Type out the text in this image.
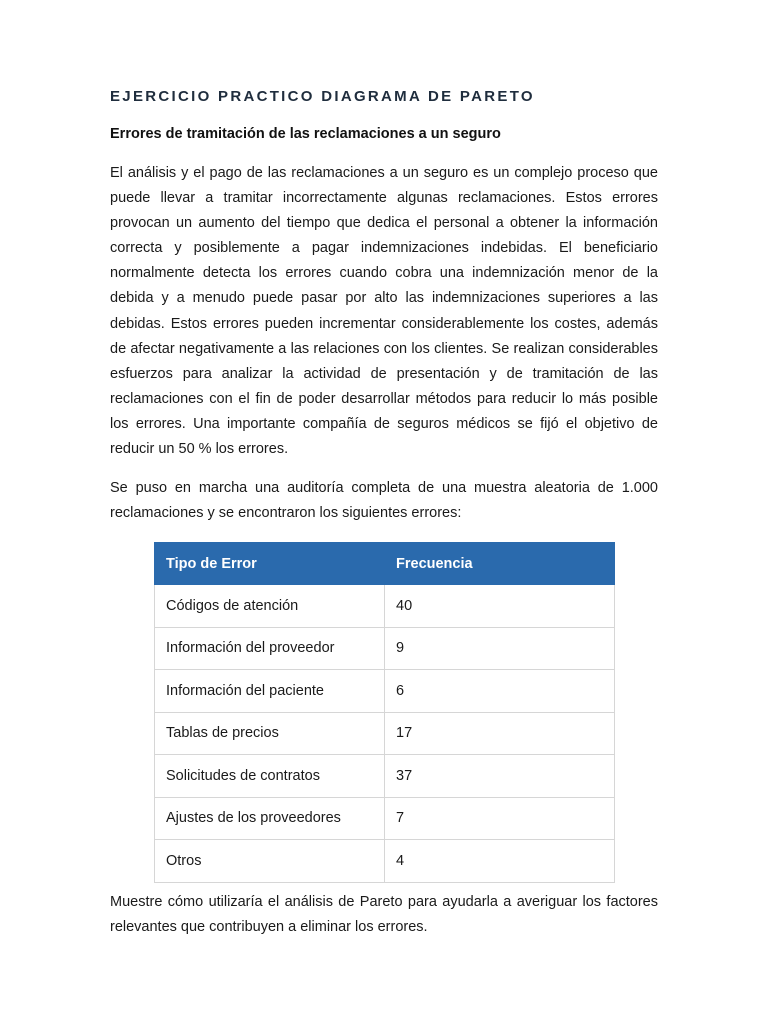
EJERCICIO PRACTICO DIAGRAMA DE PARETO
Errores de tramitación de las reclamaciones a un seguro

El análisis y el pago de las reclamaciones a un seguro es un complejo proceso que puede llevar a tramitar incorrectamente algunas reclamaciones. Estos errores provocan un aumento del tiempo que dedica el personal a obtener la información correcta y posiblemente a pagar indemnizaciones indebidas. El beneficiario normalmente detecta los errores cuando cobra una indemnización menor de la debida y a menudo puede pasar por alto las indemnizaciones superiores a las debidas. Estos errores pueden incrementar considerablemente los costes, además de afectar negativamente a las relaciones con los clientes. Se realizan considerables esfuerzos para analizar la actividad de presentación y de tramitación de las reclamaciones con el fin de poder desarrollar métodos para reducir lo más posible los errores. Una importante compañía de seguros médicos se fijó el objetivo de reducir un 50 % los errores.

Se puso en marcha una auditoría completa de una muestra aleatoria de 1.000 reclamaciones y se encontraron los siguientes errores:

Tipo de Error	Frecuencia
Códigos de atención	40
Información del proveedor	9
Información del paciente	6
Tablas de precios	17
Solicitudes de contratos	37
Ajustes de los proveedores	7
Otros	4

Muestre cómo utilizaría el análisis de Pareto para ayudarla a averiguar los factores relevantes que contribuyen a eliminar los errores.
